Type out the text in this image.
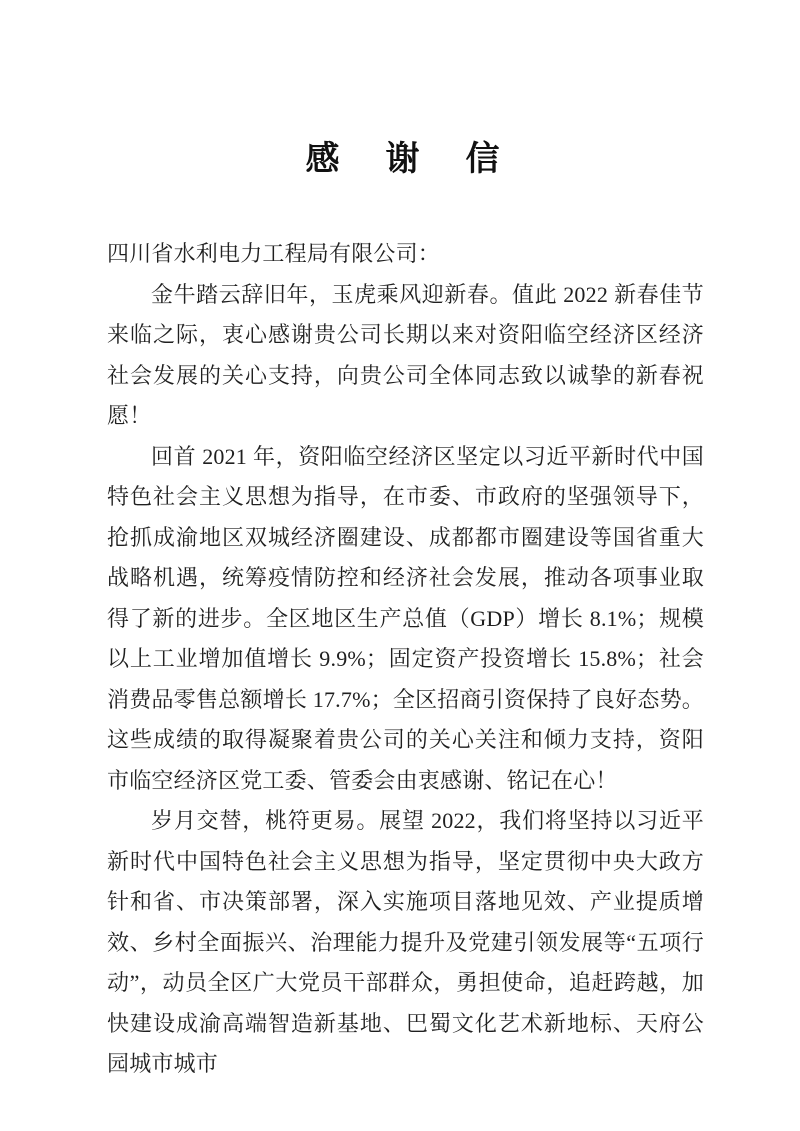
感　谢　信

四川省水利电力工程局有限公司：

金牛踏云辞旧年，玉虎乘风迎新春。值此 2022 新春佳节来临之际，衷心感谢贵公司长期以来对资阳临空经济区经济社会发展的关心支持，向贵公司全体同志致以诚挚的新春祝愿！

回首 2021 年，资阳临空经济区坚定以习近平新时代中国特色社会主义思想为指导，在市委、市政府的坚强领导下，抢抓成渝地区双城经济圈建设、成都都市圈建设等国省重大战略机遇，统筹疫情防控和经济社会发展，推动各项事业取得了新的进步。全区地区生产总值（GDP）增长 8.1%；规模以上工业增加值增长 9.9%；固定资产投资增长 15.8%；社会消费品零售总额增长 17.7%；全区招商引资保持了良好态势。这些成绩的取得凝聚着贵公司的关心关注和倾力支持，资阳市临空经济区党工委、管委会由衷感谢、铭记在心！

岁月交替，桃符更易。展望 2022，我们将坚持以习近平新时代中国特色社会主义思想为指导，坚定贯彻中央大政方针和省、市决策部署，深入实施项目落地见效、产业提质增效、乡村全面振兴、治理能力提升及党建引领发展等“五项行动”，动员全区广大党员干部群众，勇担使命，追赶跨越，加快建设成渝高端智造新基地、巴蜀文化艺术新地标、天府公园城市城市
